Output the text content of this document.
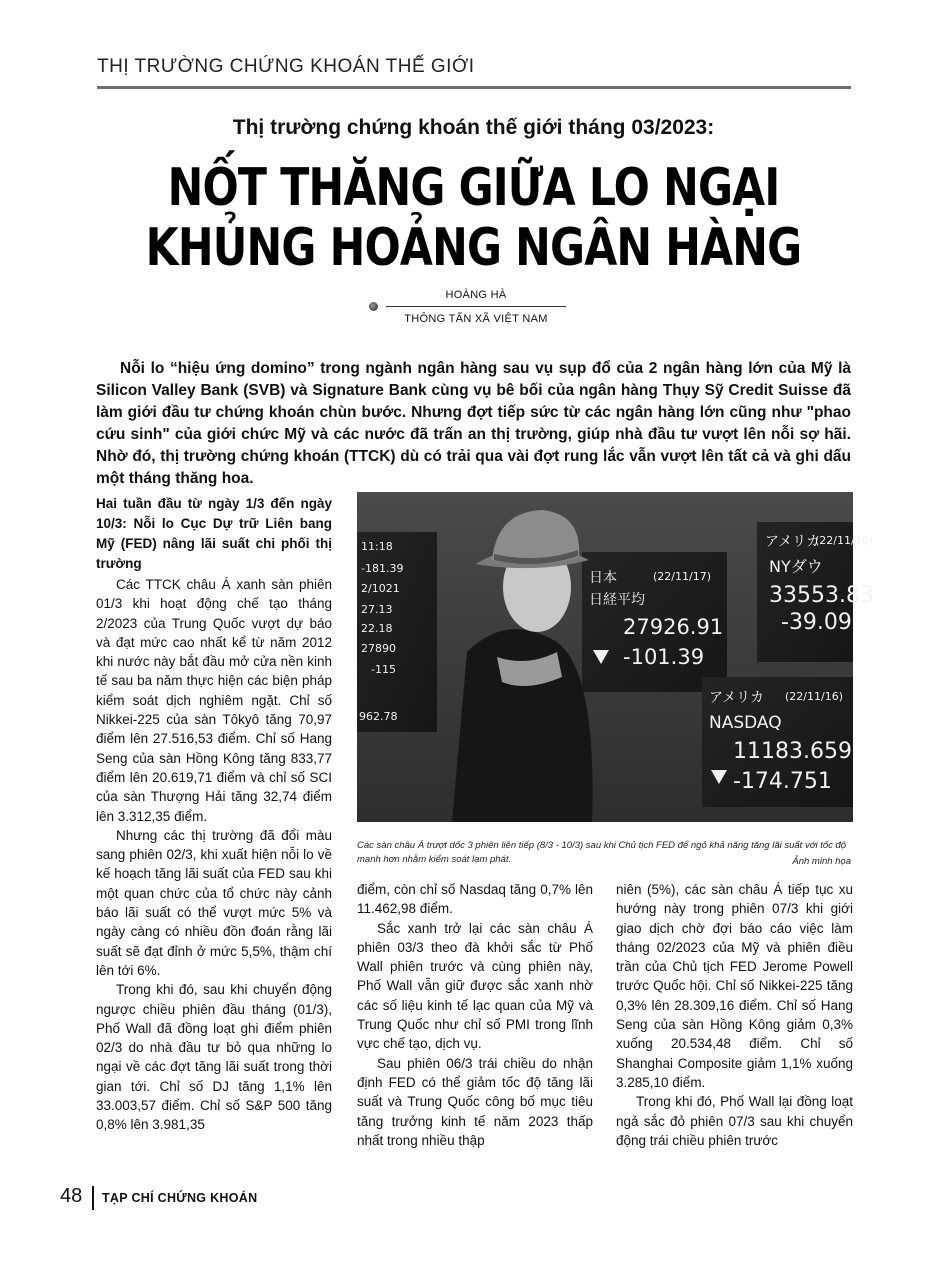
THỊ TRƯỜNG CHỨNG KHOÁN THẾ GIỚI
Thị trường chứng khoán thế giới tháng 03/2023:
NỐT THĂNG GIỮA LO NGẠI
KHỦNG HOẢNG NGÂN HÀNG
HOÀNG HÀ
THÔNG TẤN XÃ VIỆT NAM

Nỗi lo “hiệu ứng domino” trong ngành ngân hàng sau vụ sụp đổ của 2 ngân hàng lớn của Mỹ là Silicon Valley Bank (SVB) và Signature Bank cùng vụ bê bối của ngân hàng Thụy Sỹ Credit Suisse đã làm giới đầu tư chứng khoán chùn bước. Nhưng đợt tiếp sức từ các ngân hàng lớn cũng như "phao cứu sinh" của giới chức Mỹ và các nước đã trấn an thị trường, giúp nhà đầu tư vượt lên nỗi sợ hãi. Nhờ đó, thị trường chứng khoán (TTCK) dù có trải qua vài đợt rung lắc vẫn vượt lên tất cả và ghi dấu một tháng thăng hoa.

Hai tuần đầu từ ngày 1/3 đến ngày 10/3: Nỗi lo Cục Dự trữ Liên bang Mỹ (FED) nâng lãi suất chi phối thị trường

Các TTCK châu Á xanh sàn phiên 01/3 khi hoạt động chế tạo tháng 2/2023 của Trung Quốc vượt dự báo và đạt mức cao nhất kể từ năm 2012 khi nước này bắt đầu mở cửa nền kinh tế sau ba năm thực hiện các biện pháp kiểm soát dịch nghiêm ngặt. Chỉ số Nikkei-225 của sàn Tôkyô tăng 70,97 điểm lên 27.516,53 điểm. Chỉ số Hang Seng của sàn Hồng Kông tăng 833,77 điểm lên 20.619,71 điểm và chỉ số SCI của sàn Thượng Hải tăng 32,74 điểm lên 3.312,35 điểm.

Nhưng các thị trường đã đổi màu sang phiên 02/3, khi xuất hiện nỗi lo về kế hoạch tăng lãi suất của FED sau khi một quan chức của tổ chức này cảnh báo lãi suất có thể vượt mức 5% và ngày càng có nhiều đồn đoán rằng lãi suất sẽ đạt đỉnh ở mức 5,5%, thậm chí lên tới 6%.

Trong khi đó, sau khi chuyển động ngược chiều phiên đầu tháng (01/3), Phố Wall đã đồng loạt ghi điểm phiên 02/3 do nhà đầu tư bỏ qua những lo ngại về các đợt tăng lãi suất trong thời gian tới. Chỉ số DJ tăng 1,1% lên 33.003,57 điểm. Chỉ số S&P 500 tăng 0,8% lên 3.981,35

11:18
-181.39
2/1021
27.13
22.18
27890
-115
962.78
日本	(22/11/17)
日経平均
27926.91
-101.39
アメリカ
(22/11/16)
NYダウ
33553.83
-39.09
アメリカ (22/11/16)
NASDAQ
11183.659
-174.751

Các sàn châu Á trượt dốc 3 phiên liên tiếp (8/3 - 10/3) sau khi Chủ tịch FED để ngỏ khả năng tăng lãi suất với tốc độ mạnh hơn nhằm kiểm soát lạm phát.	Ảnh minh họa

điểm, còn chỉ số Nasdaq tăng 0,7% lên 11.462,98 điểm.

Sắc xanh trở lại các sàn châu Á phiên 03/3 theo đà khởi sắc từ Phố Wall phiên trước và cùng phiên này, Phố Wall vẫn giữ được sắc xanh nhờ các số liệu kinh tế lạc quan của Mỹ và Trung Quốc như chỉ số PMI trong lĩnh vực chế tạo, dịch vụ.

Sau phiên 06/3 trái chiều do nhận định FED có thể giảm tốc độ tăng lãi suất và Trung Quốc công bố mục tiêu tăng trưởng kinh tế năm 2023 thấp nhất trong nhiều thập

niên (5%), các sàn châu Á tiếp tục xu hướng này trong phiên 07/3 khi giới giao dịch chờ đợi báo cáo việc làm tháng 02/2023 của Mỹ và phiên điều trần của Chủ tịch FED Jerome Powell trước Quốc hội. Chỉ số Nikkei-225 tăng 0,3% lên 28.309,16 điểm. Chỉ số Hang Seng của sàn Hồng Kông giảm 0,3% xuống 20.534,48 điểm. Chỉ số Shanghai Composite giảm 1,1% xuống 3.285,10 điểm.

Trong khi đó, Phố Wall lại đồng loạt ngả sắc đỏ phiên 07/3 sau khi chuyển động trái chiều phiên trước

48 TẠP CHÍ CHỨNG KHOÁN
